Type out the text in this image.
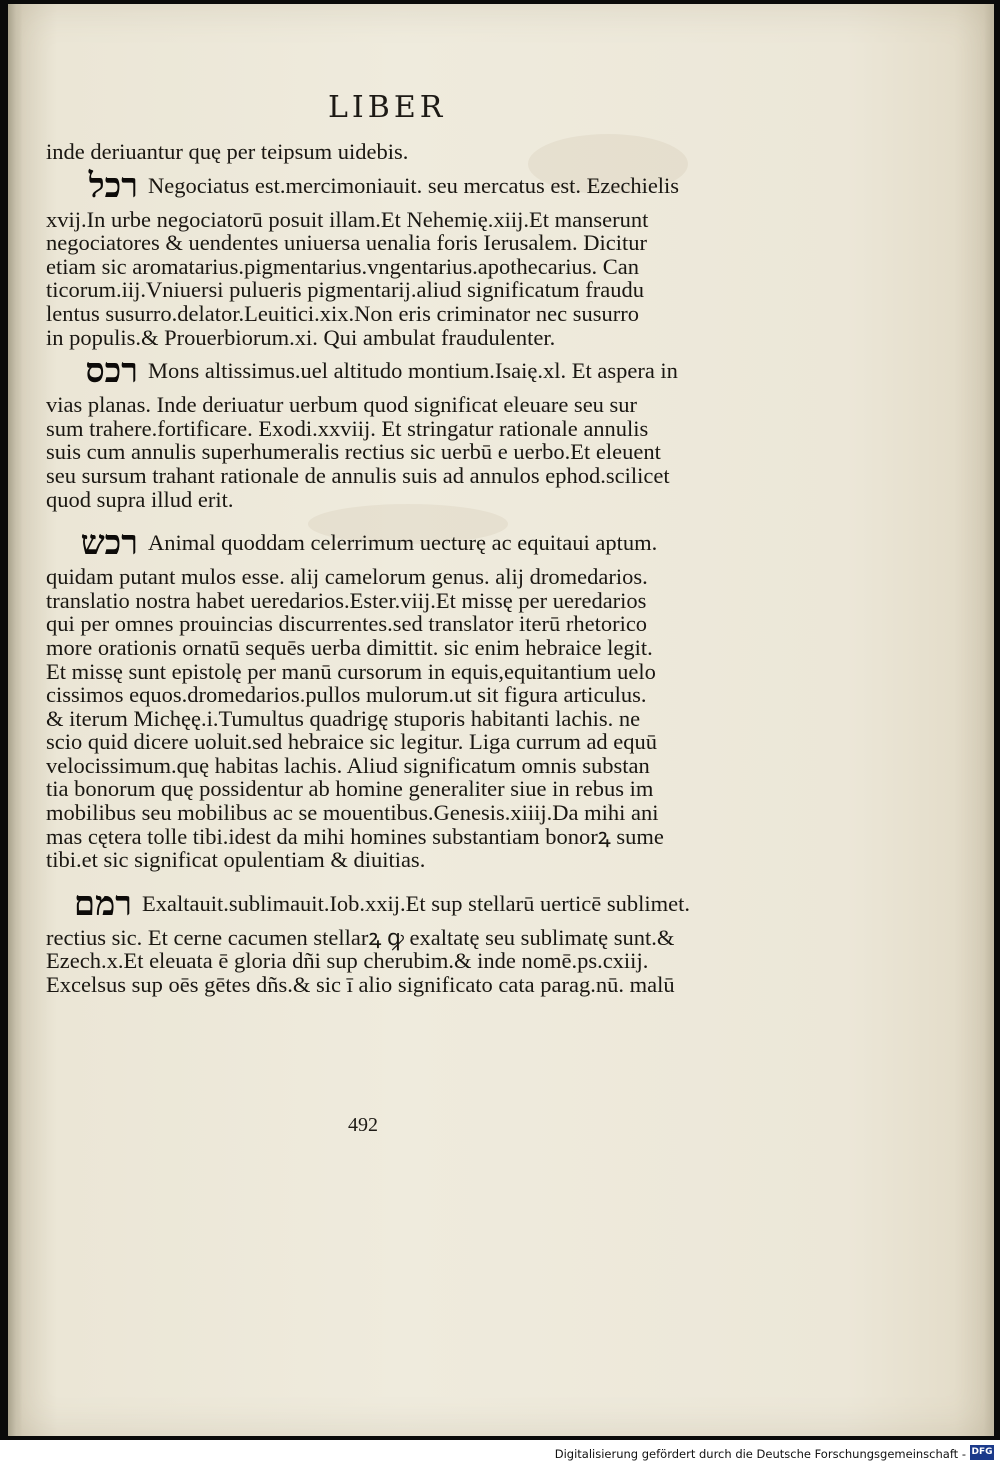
LIBER
inde deriuantur quę per teipsum uidebis.
רכל Negociatus est.mercimoniauit. seu mercatus est. Ezechielis
xvij.In urbe negociatorū posuit illam.Et Nehemię.xiij.Et manserunt
negociatores & uendentes uniuersa uenalia foris Ierusalem. Dicitur
etiam sic aromatarius.pigmentarius.vngentarius.apothecarius. Can
ticorum.iij.Vniuersi pulueris pigmentarij.aliud significatum fraudu
lentus susurro.delator.Leuitici.xix.Non eris criminator nec susurro
in populis.& Prouerbiorum.xi. Qui ambulat fraudulenter.
רכס Mons altissimus.uel altitudo montium.Isaię.xl. Et aspera in
vias planas. Inde deriuatur uerbum quod significat eleuare seu sur
sum trahere.fortificare. Exodi.xxviij. Et stringatur rationale annulis
suis cum annulis superhumeralis rectius sic uerbū e uerbo.Et eleuent
seu sursum trahant rationale de annulis suis ad annulos ephod.scilicet
quod supra illud erit.
רכש Animal quoddam celerrimum uecturę ac equitaui aptum.
quidam putant mulos esse. alij camelorum genus. alij dromedarios.
translatio nostra habet ueredarios.Ester.viij.Et missę per ueredarios
qui per omnes prouincias discurrentes.sed translator iterū rhetorico
more orationis ornatū sequēs uerba dimittit. sic enim hebraice legit.
Et missę sunt epistolę per manū cursorum in equis,equitantium uelo
cissimos equos.dromedarios.pullos mulorum.ut sit figura articulus.
& iterum Michęę.i.Tumultus quadrigę stuporis habitanti lachis. ne
scio quid dicere uoluit.sed hebraice sic legitur. Liga currum ad equū
velocissimum.quę habitas lachis. Aliud significatum omnis substan
tia bonorum quę possidentur ab homine generaliter siue in rebus im
mobilibus seu mobilibus ac se mouentibus.Genesis.xiiij.Da mihi ani
mas cętera tolle tibi.idest da mihi homines substantiam bonorꝝ sume
tibi.et sic significat opulentiam & diuitias.
רמם Exaltauit.sublimauit.Iob.xxij.Et sup stellarū uerticē sublimet.
rectius sic. Et cerne cacumen stellarꝝ ꝙ exaltatę seu sublimatę sunt.&
Ezech.x.Et eleuata ē gloria dñi sup cherubim.& inde nomē.ps.cxiij.
Excelsus sup oēs gētes dñs.& sic ī alio significato cata parag.nū. malū
492
Digitalisierung gefördert durch die Deutsche Forschungsgemeinschaft - DFG
